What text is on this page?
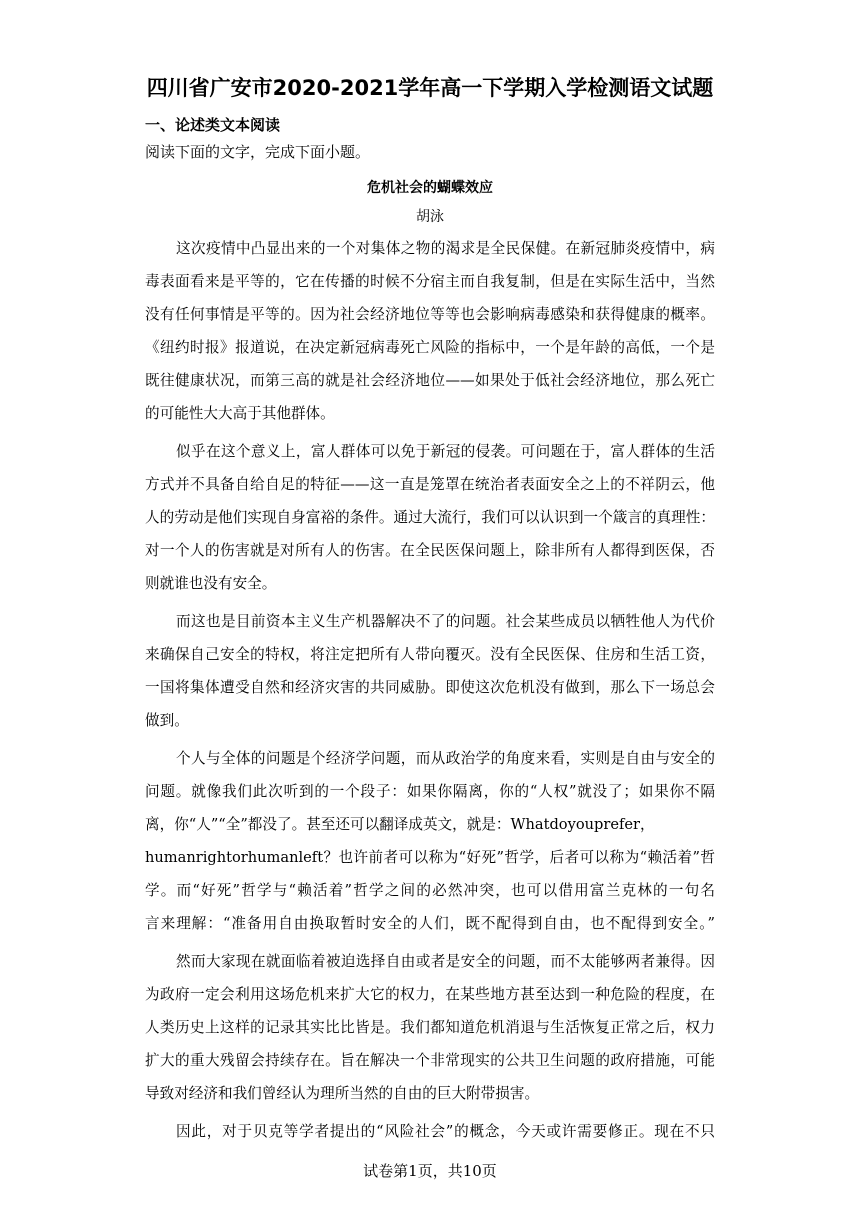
四川省广安市2020-2021学年高一下学期入学检测语文试题
一、论述类文本阅读
阅读下面的文字，完成下面小题。
危机社会的蝴蝶效应
胡泳
这次疫情中凸显出来的一个对集体之物的渴求是全民保健。在新冠肺炎疫情中，病
毒表面看来是平等的，它在传播的时候不分宿主而自我复制，但是在实际生活中，当然
没有任何事情是平等的。因为社会经济地位等等也会影响病毒感染和获得健康的概率。
《纽约时报》报道说，在决定新冠病毒死亡风险的指标中，一个是年龄的高低，一个是
既往健康状况，而第三高的就是社会经济地位——如果处于低社会经济地位，那么死亡
的可能性大大高于其他群体。
似乎在这个意义上，富人群体可以免于新冠的侵袭。可问题在于，富人群体的生活
方式并不具备自给自足的特征——这一直是笼罩在统治者表面安全之上的不祥阴云，他
人的劳动是他们实现自身富裕的条件。通过大流行，我们可以认识到一个箴言的真理性：
对一个人的伤害就是对所有人的伤害。在全民医保问题上，除非所有人都得到医保，否
则就谁也没有安全。
而这也是目前资本主义生产机器解决不了的问题。社会某些成员以牺牲他人为代价
来确保自己安全的特权，将注定把所有人带向覆灭。没有全民医保、住房和生活工资，
一国将集体遭受自然和经济灾害的共同威胁。即使这次危机没有做到，那么下一场总会
做到。
个人与全体的问题是个经济学问题，而从政治学的角度来看，实则是自由与安全的
问题。就像我们此次听到的一个段子：如果你隔离，你的“人权”就没了；如果你不隔
离，你“人”“全”都没了。甚至还可以翻译成英文，就是：Whatdoyouprefer，
humanrightorhumanleft？也许前者可以称为“好死”哲学，后者可以称为“赖活着”哲
学。而“好死”哲学与“赖活着”哲学之间的必然冲突，也可以借用富兰克林的一句名
言来理解：“准备用自由换取暂时安全的人们，既不配得到自由，也不配得到安全。”
然而大家现在就面临着被迫选择自由或者是安全的问题，而不太能够两者兼得。因
为政府一定会利用这场危机来扩大它的权力，在某些地方甚至达到一种危险的程度，在
人类历史上这样的记录其实比比皆是。我们都知道危机消退与生活恢复正常之后，权力
扩大的重大残留会持续存在。旨在解决一个非常现实的公共卫生问题的政府措施，可能
导致对经济和我们曾经认为理所当然的自由的巨大附带损害。
因此，对于贝克等学者提出的“风险社会”的概念，今天或许需要修正。现在不只
试卷第1页，共10页
